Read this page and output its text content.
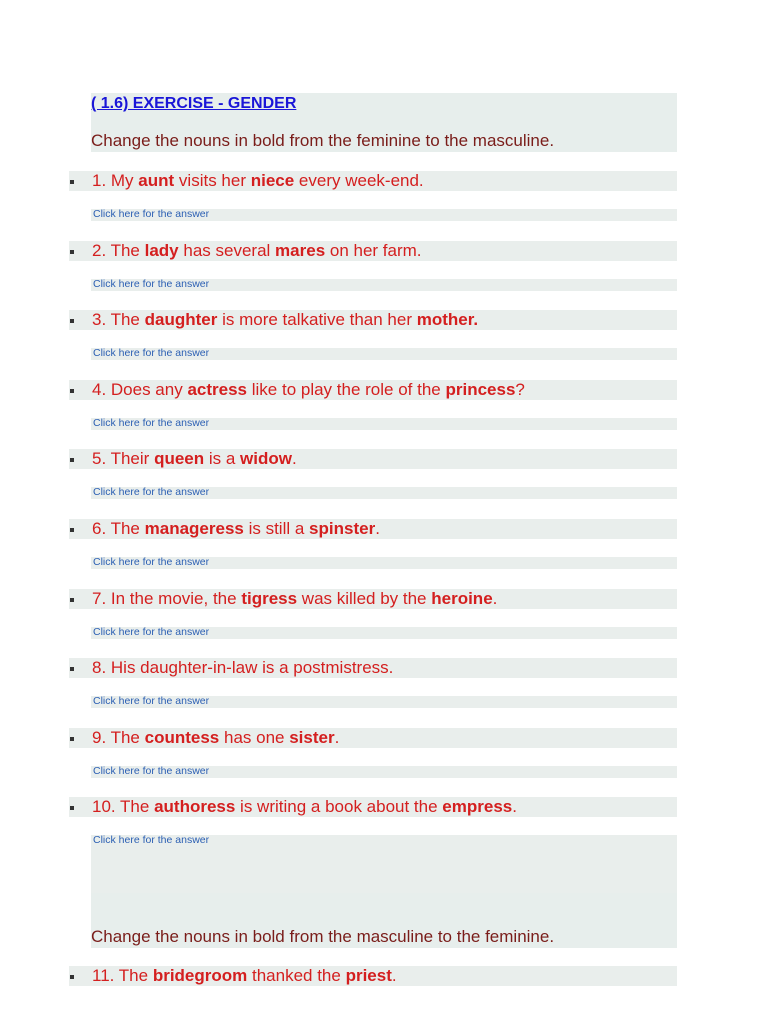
( 1.6) EXERCISE - GENDER
Change the nouns in bold from the feminine to the masculine.
1. My aunt visits her niece every week-end.
Click here for the answer
2. The lady has several mares on her farm.
Click here for the answer
3. The daughter is more talkative than her mother.
Click here for the answer
4. Does any actress like to play the role of the princess?
Click here for the answer
5. Their queen is a widow.
Click here for the answer
6. The manageress is still a spinster.
Click here for the answer
7. In the movie, the tigress was killed by the heroine.
Click here for the answer
8. His daughter-in-law is a postmistress.
Click here for the answer
9. The countess has one sister.
Click here for the answer
10. The authoress is writing a book about the empress.
Click here for the answer
Change the nouns in bold from the masculine to the feminine.
11. The bridegroom thanked the priest.
